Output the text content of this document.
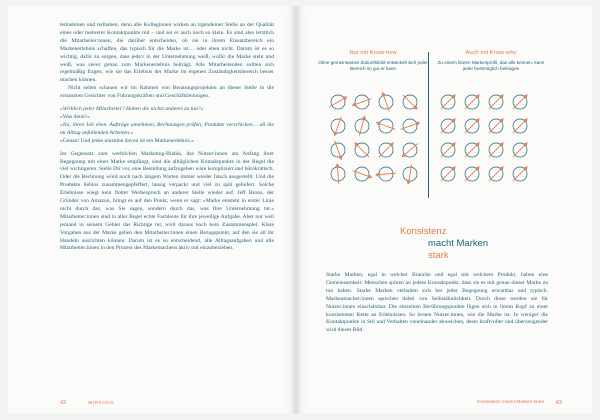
teilnehmen und teilhaben, denn alle Kolleginnen wirken an irgendeiner Stelle an der Qualität eines oder mehrerer Kontaktpunkte mit – und sei er auch noch so klein. Es sind also letztlich die Mitarbeiter:innen, die darüber entscheiden, ob sie in ihrem Einsatzbereich ein Markenerlebnis schaffen, das typisch für die Marke ist… oder eben nicht. Darum ist es so wichtig, dafür zu sorgen, dass jede:r in der Unternehmung weiß, wofür die Marke steht und weiß, was sie/er genau zum Markenerlebnis beiträgt. Alle Mitarbeitenden sollten sich regelmäßig fragen, wie sie das Erlebnis der Marke im eigenen Zuständigkeitsbereich besser machen können.

Nicht selten schauen wir im Rahmen von Beratungsprojekten an dieser Stelle in die erstaunten Gesichter von Führungskräften und Geschäftsleitungen.

»Wirklich jeder Mitarbeiter? Haben die nichts anderes zu tun?«

»Was denn?«

»Na, ihren Job eben. Aufträge annehmen, Rechnungen prüfen, Produkte verschicken… all die im Alltag anfallenden Arbeiten.«

»Genau! Und jedes einzelne davon ist ein Markenerlebnis.«

Im Gegensatz zum werblichen Marketing-Blabla, das Nutzer:innen am Anfang ihrer Begegnung mit einer Marke empfängt, sind die alltäglichen Kontaktpunkte in der Regel die viel wichtigeren. Stelle Dir vor, eine Bestellung aufzugeben wäre kompliziert und bürokratisch. Oder die Rechnung würd noch nach langem Warten immer wieder falsch ausgestellt. Und die Produkte lieblos zusammengepfeffert, lausig verpackt und viel zu spät geliefert. Solche Erlebnisse wiegt kein flotter Werbespruch an anderer Stelle wieder auf. Jeff Bezos, der Gründer von Amazon, bringt es auf den Punkt, wenn er sagt: »Marke entsteht in erster Linie nicht durch das, was Sie sagen, sondern durch das, was Ihre Unternehmung tut.« Mitarbeiter:innen sind in aller Regel echte Fachleute für ihre jeweilige Aufgabe. Aber nur weil jemand in seinem Gebiet das Richtige tut, wird daraus noch kein Zusammenspiel. Klare Vorgaben aus der Marke geben den Mitarbeiter:innen einen Bezugspunkt, auf den sie all ihr Handeln ausrichten können. Darum ist es so entscheidend, alle Alltagsaufgaben und alle Mitarbeiter:innen in den Prozess des Markemachens aktiv mit einzubeziehen.

42	WIRKUNG
Nur mit Know-how
Ohne gemeinsames Zukunftsbild entwickelt sich jeder Bereich so gut er kann
Auch mit Know-why
Zu einem klaren Markenprofil, das alle kennen, kann jeder bestmöglich beitragen
Konsistenz
macht Marken
stark

Starke Marken, egal in welcher Branche und egal mit welchem Produkt, haben eine Gemeinsamkeit: Menschen spüren an jedem Kontaktpunkt, dass sie es mit genau dieser Marke zu tun haben. Starke Marken verhalten sich bei jeder Begegnung erwartbar und typisch. Markenmacher:innen sprechen dabei von Selbstähnlichkeit. Durch diese werden sie für Nutzer:innen einschätzbar. Die einzelnen Berührungspunkte fügen sich in ihrem Kopf zu einer konsistenten Kette an Erlebnissen. So lernen Nutzer:innen, wie die Marke ist. Je weniger die Kontaktpunkte in Stil und Verhalten voneinander abweichen, desto kraftvoller und überzeugender wird dieses Bild.

Konsistenz macht Marken stark 43
